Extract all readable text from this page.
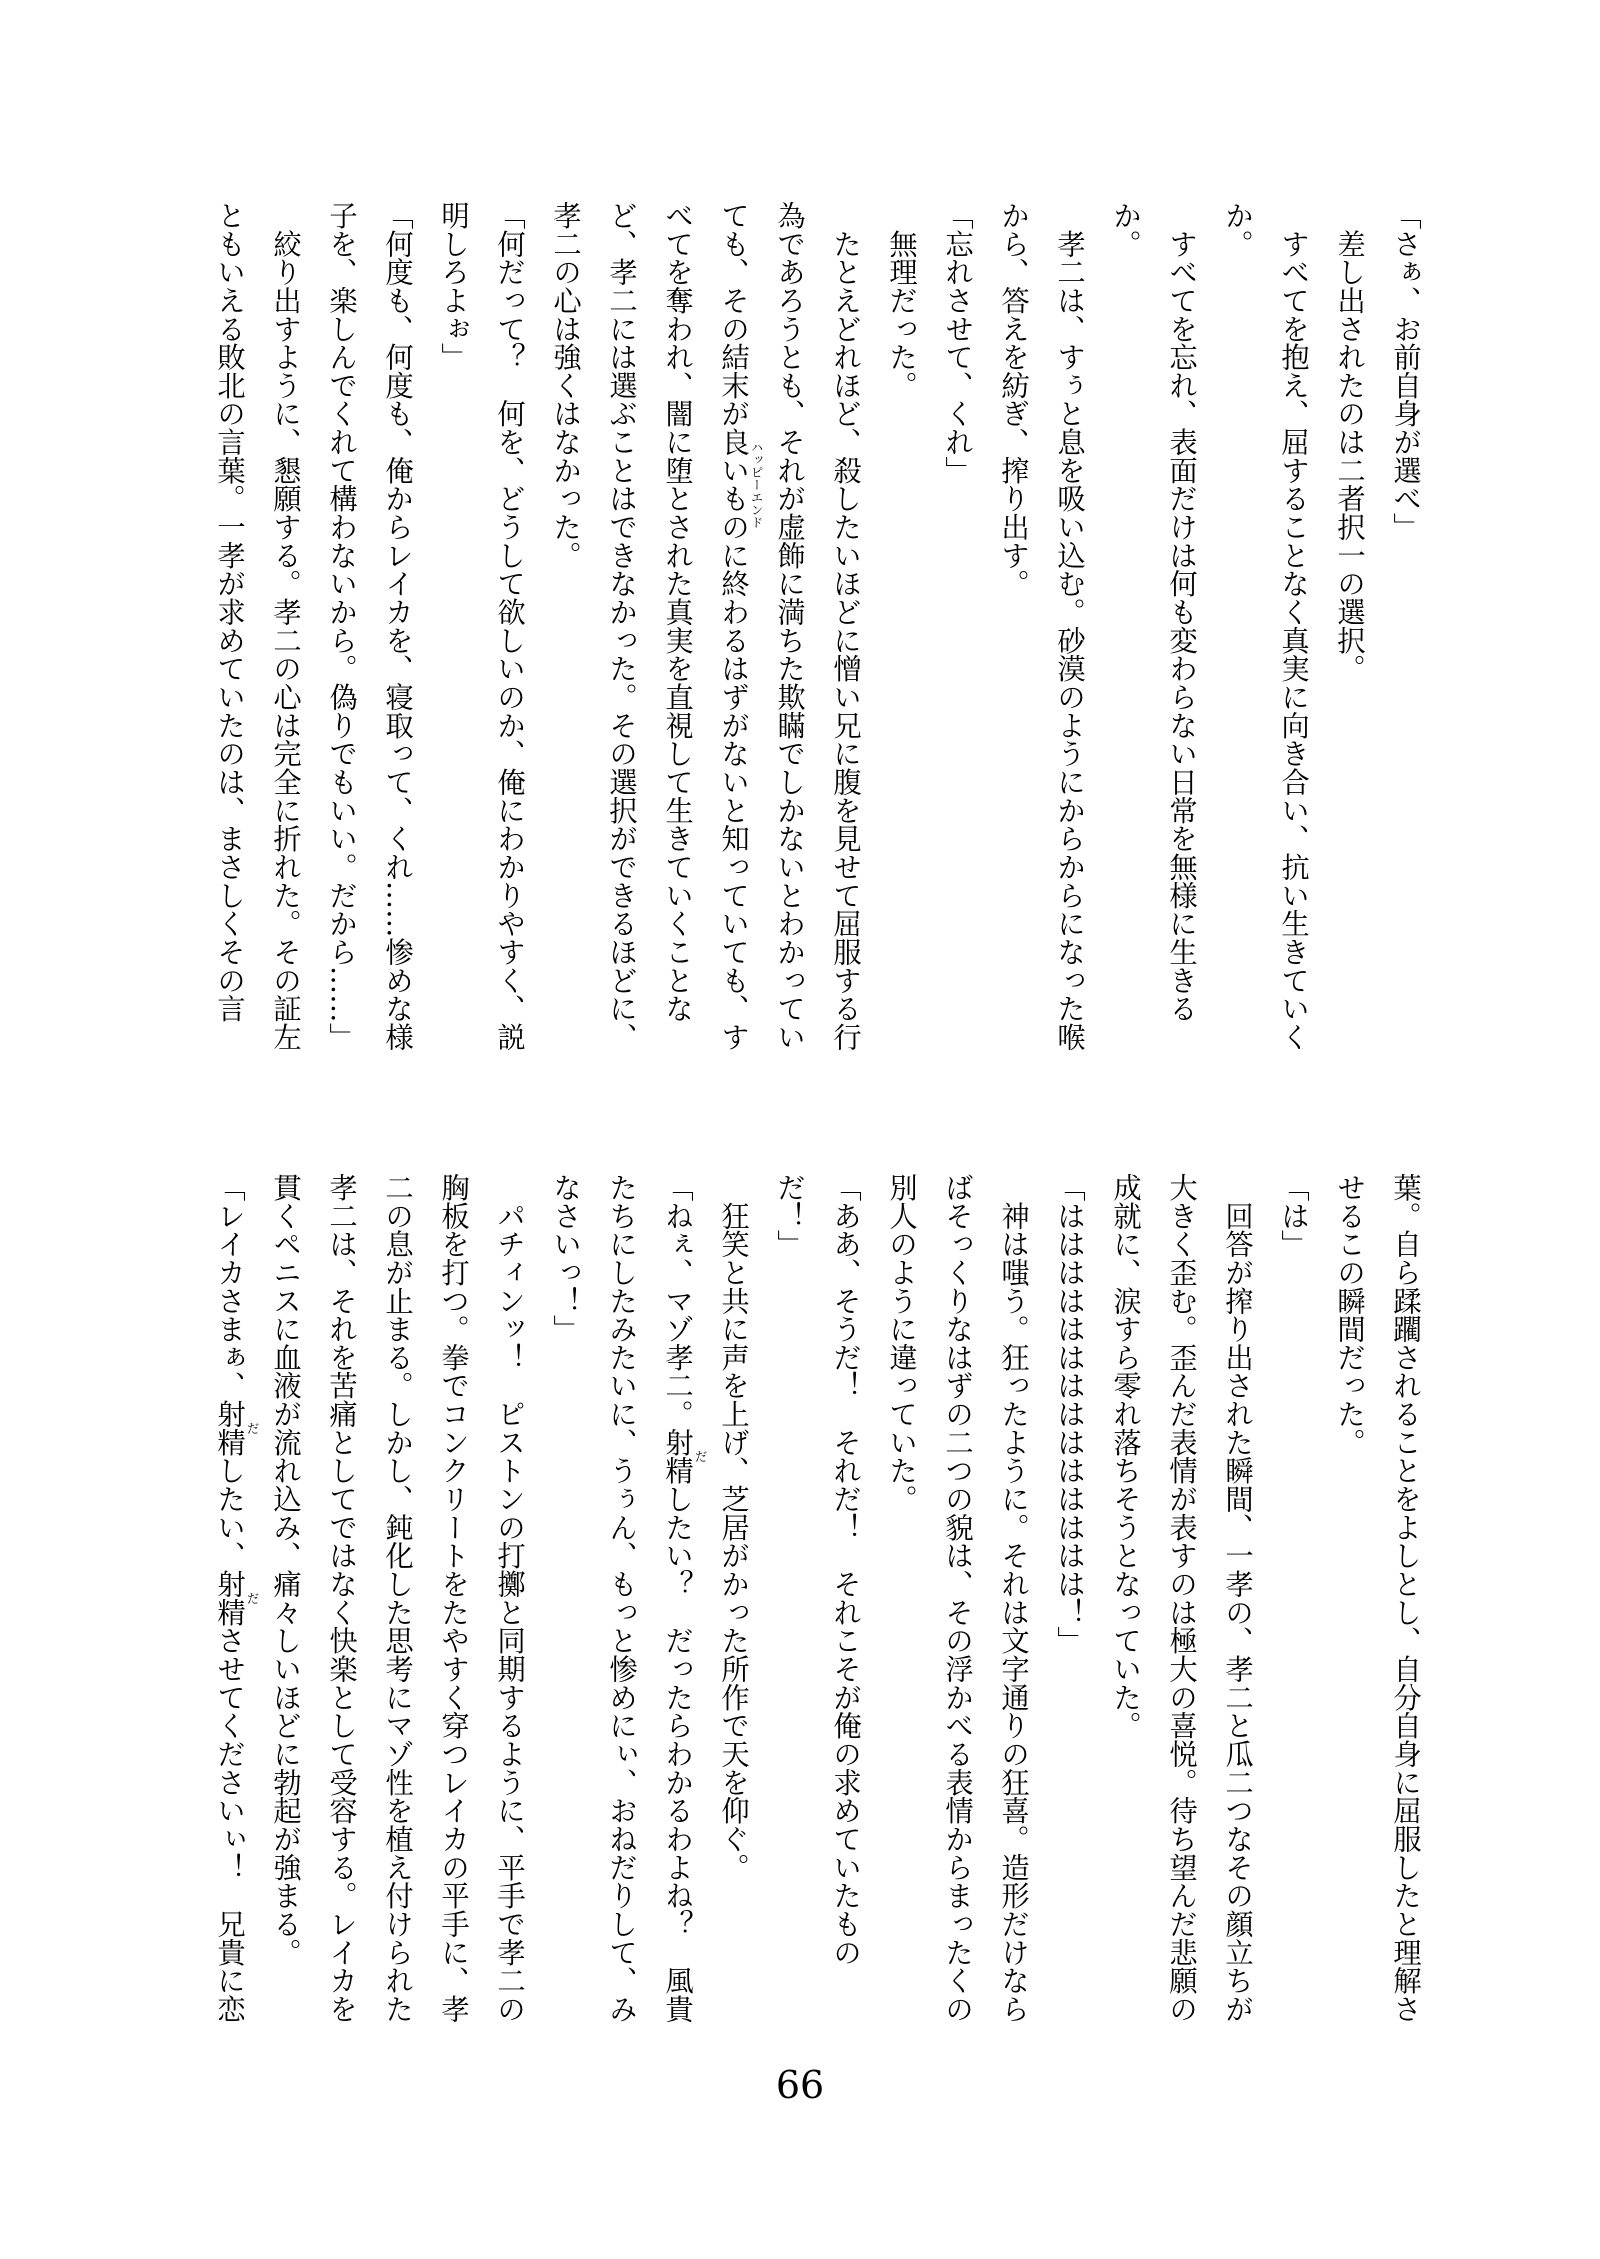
「さぁ、お前自身が選べ」
　差し出されたのは二者択一の選択。
　すべてを抱え、屈することなく真実に向き合い、抗い生きていく
か。
　すべてを忘れ、表面だけは何も変わらない日常を無様に生きる
か。
　孝二は、すぅと息を吸い込む。砂漠のようにからからになった喉
から、答えを紡ぎ、搾り出す。
「忘れさせて、くれ」
　無理だった。
　たとえどれほど、殺したいほどに憎い兄に腹を見せて屈服する行
為であろうとも、それが虚飾に満ちた欺瞞でしかないとわかってい
ても、その結末が良いものに終わるはずがないと知っていても、す
べてを奪われ、闇に堕とされた真実を直視して生きていくことな
ど、孝二には選ぶことはできなかった。その選択ができるほどに、
孝二の心は強くはなかった。
「何だって？　何を、どうして欲しいのか、俺にわかりやすく、説
明しろよぉ」
「何度も、何度も、俺からレイカを、寝取って、くれ……惨めな様
子を、楽しんでくれて構わないから。偽りでもいい。だから……」
　絞り出すように、懇願する。孝二の心は完全に折れた。その証左
ともいえる敗北の言葉。一孝が求めていたのは、まさしくその言
葉。自ら蹂躙されることをよしとし、自分自身に屈服したと理解さ
せるこの瞬間だった。
「は」
　回答が搾り出された瞬間、一孝の、孝二と瓜二つなその顔立ちが
大きく歪む。歪んだ表情が表すのは極大の喜悦。待ち望んだ悲願の
成就に、涙すら零れ落ちそうとなっていた。
「はははははははははははははは！」
　神は嗤う。狂ったように。それは文字通りの狂喜。造形だけなら
ばそっくりなはずの二つの貌は、その浮かべる表情からまったくの
別人のように違っていた。
「ああ、そうだ！　それだ！　それこそが俺の求めていたもの
だ！」
　狂笑と共に声を上げ、芝居がかった所作で天を仰ぐ。
「ねぇ、マゾ孝二。射精したい？　だったらわかるわよね？　風貴
たちにしたみたいに、うぅん、もっと惨めにぃ、おねだりして、み
なさいっ！」
　パチィンッ！　ピストンの打擲と同期するように、平手で孝二の
胸板を打つ。拳でコンクリートをたやすく穿つレイカの平手に、孝
二の息が止まる。しかし、鈍化した思考にマゾ性を植え付けられた
孝二は、それを苦痛としてではなく快楽として受容する。レイカを
貫くペニスに血液が流れ込み、痛々しいほどに勃起が強まる。
「レイカさまぁ、射精したい、射精させてくださいぃ！　兄貴に恋
66
ハッピーエンド
だ
だ
だ
